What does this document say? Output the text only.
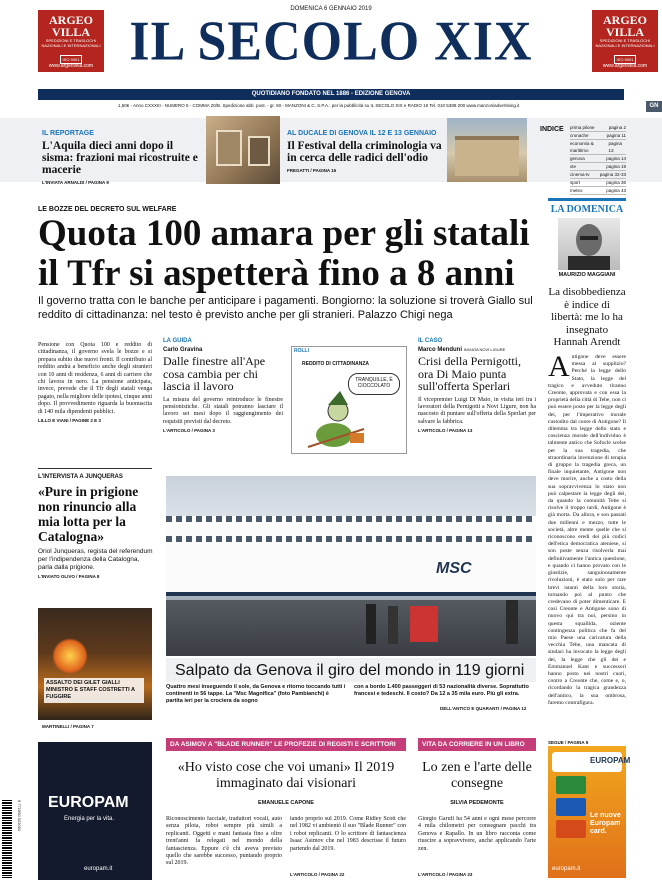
ARGEO VILLA
SPEDIZIONI E TRASLOCHI NAZIONALI E INTERNAZIONALI
ISO 9001
www.argeovilla.com
ARGEO VILLA
SPEDIZIONI E TRASLOCHI NAZIONALI E INTERNAZIONALI
ISO 9001
www.argeovilla.com
DOMENICA 6 GENNAIO 2019
IL SECOLO XIX
QUOTIDIANO FONDATO NEL 1886 - EDIZIONE GENOVA
1,50€ - Anno CXXXIII - NUMERO 5 - COMMA 20/B. Spedizione abb. post. - gr. 50 - MANZONI & C. S.P.A.: per la pubblicità su IL SECOLO XIX e RADIO 19 Tel. 010 5388 200 www.manzoniadvertising.it	GN
IL REPORTAGE
L'Aquila dieci anni dopo il sisma: frazioni mai ricostruite e macerie
L'INVIATA ARNALDI / PAGINA 9
AL DUCALE DI GENOVA IL 12 E 13 GENNAIO
Il Festival della criminologia va in cerca delle radici dell'odio
FREGATTI / PAGINA 16
INDICE prima pilone	pagina 2
cronache	pagina 11
economia & marittimo
pagina 13
genova	pagina 14
xte	pagina 19
cinema-tv pagina 32-33
sport	pagina 36
meteo	pagina 43
LE BOZZE DEL DECRETO SUL WELFARE
Quota 100 amara per gli statali il Tfr si aspetterà fino a 8 anni
Il governo tratta con le banche per anticipare i pagamenti. Bongiorno: la soluzione si troverà Giallo sul reddito di cittadinanza: nel testo è previsto anche per gli stranieri. Palazzo Chigi nega
Pensione con Quota 100 e reddito di cittadinanza, il governo svela le bozze e si prepara subito due nuovi fronti. Il contributo al reddito andrà a beneficio anche degli stranieri con 10 anni di residenza, 6 anni di carriere che chi lavora in nero. La pensione anticipata, invece, prevede che il Tfr degli statali venga pagato, nella migliore delle ipotesi, cinque anni dopo. Il provvedimento riguarda la buonuscita di 140 mila dipendenti pubblici.
LILLO E VIANI / PAGINE 2 E 3
LA GUIDA
Carlo Gravina
Dalle finestre all'Ape cosa cambia per chi lascia il lavoro
La misura del governo reintroduce le finestre pensionistiche. Gli statali potranno lasciare il lavoro sei mesi dopo il raggiungimento dei requisiti previsti dal decreto.
L'ARTICOLO / PAGINA 3
ROLLI
REDDITO DI CITTADINANZA
TRANQUILLE, È CIOCCOLATO
IL CASO
Marco Menduni INVIATA NOVI LIGURE
Crisi della Pernigotti, ora Di Maio punta sull'offerta Sperlari
Il vicepremier Luigi Di Maio, in visita ieri tra i lavoratori della Pernigotti a Novi Ligure, non ha nascosto di puntare sull'offerta della Sperlari per salvare la fabbrica.
L'ARTICOLO / PAGINA 13
LA DOMENICA
MAURIZIO MAGGIANI
La disobbedienza è indice di libertà: me lo ha insegnato Hannah Arendt
A ntigone deve essere messa al supplizio? Perché la legge dello Stato, la legge del tragico e avveduto tiranno Creonte, approvata e con essa la proprietà della città di Tebe, non ci può essere posto per la legge degli dei, per l'imperativo morale custodito dal cuore di Antigone? Il dilemma tra legge dello stato e coscienza morale dell'individuo è talmente antico che Sofocle scelse per la sua tragedia, che straordinaria invenzione di terapia di gruppo la tragedia greca, un finale inquietante, Antigone non deve morire, anche a costo della sua sopravvivenza lo stato non può calpestare la legge degli dei, da quando la comunità Tebe si risolve il troppo tardi, Antigone è già morta. Da allora, e son passati due millenni e mezzo, tutte le società, altre mente quelle che si riconoscono eredi dei più codici dell'etica democratica ateniese, si son poste senza risolverla mai definitivamente l'antica questione, e quando ci hanno provato con le giustizie, sanguinosamente rivoluzioni, è stato solo per rare brevi istanti della loro storia, tornando poi al punto che credevano di poter dimenticare. E così Creonte e Antigone sono di nuovo qui tra noi, persino in questa squallida, oziente contingenza politica che fa del mio Paese una caricatura della vecchia Tebe, una mancata di sindaci ha invocato la legge degli dei, la legge che gli dei e Emmanuel Kant e successori hanno posto nei nostri cuori, contro a Creonte che, come e, o, ricordando la tragica grandezza dell'antico, la sua ombrosa, faremo contrafigura.
SEGUE / PAGINA 5
L'INTERVISTA A JUNQUERAS
«Pure in prigione non rinuncio alla mia lotta per la Catalogna»
Oriol Junqueras, regista del referendum per l'indipendenza della Catalogna, parla dalla prigione.
L'INVIATO OLIVO / PAGINA 8
ASSALTO DEI GILET GIALLI MINISTRO E STAFF COSTRETTI A FUGGIRE
MARTINELLI / PAGINA 7
MSC
Salpato da Genova il giro del mondo in 119 giorni
Quattro mesi inseguendo il sole, da Genova e ritorno toccando tutti i continenti in 56 tappe. La "Msc Magnifica" (foto Pambianchi) è partita ieri per la crociera da sogno
con a bordo 1.400 passeggeri di 53 nazionalità diverse. Soprattutto francesi e tedeschi. Il costo? Da 12 a 35 mila euro. Più gli extra.
DELL'ANTICO E QUARANTI / PAGINA 12
EUROPAM
Energia per la vita.
europam.it
9 771590 022001
DA ASIMOV A "BLADE RUNNER" LE PROFEZIE DI REGISTI E SCRITTORI
«Ho visto cose che voi umani» Il 2019 immaginato dai visionari
EMANUELE CAPONE
Riconoscimento facciale, traduttori vocali, auto senza pilota, robot sempre più simili a replicanti. Oggetti e mani fantasia fino a oltre trent'anni fa relegati nel mondo della fantascienza. Eppure c'è chi aveva previsto quello che sarebbe successo, puntando proprio sul 2019.
tando proprio sul 2019. Come Ridley Scott che nel 1982 vi ambientò il suo "Blade Runner" con i robot replicanti. O lo scrittore di fantascienza Isaac Asimov che nel 1983 descrisse il futuro partendo dal 2019.
L'ARTICOLO / PAGINA 22
VITA DA CORRIERE IN UN LIBRO
Lo zen e l'arte delle consegne
SILVIA PEDEMONTE
Giorgio Garufi ha 54 anni e ogni mese percorre 4 mila chilometri per consegnare pacchi tra Genova e Rapallo. In un libro racconta come riuscire a sopravvivere, anche applicando l'arte zen.
L'ARTICOLO / PAGINA 23
EUROPAM
Le nuove Europam card.
europam.it
